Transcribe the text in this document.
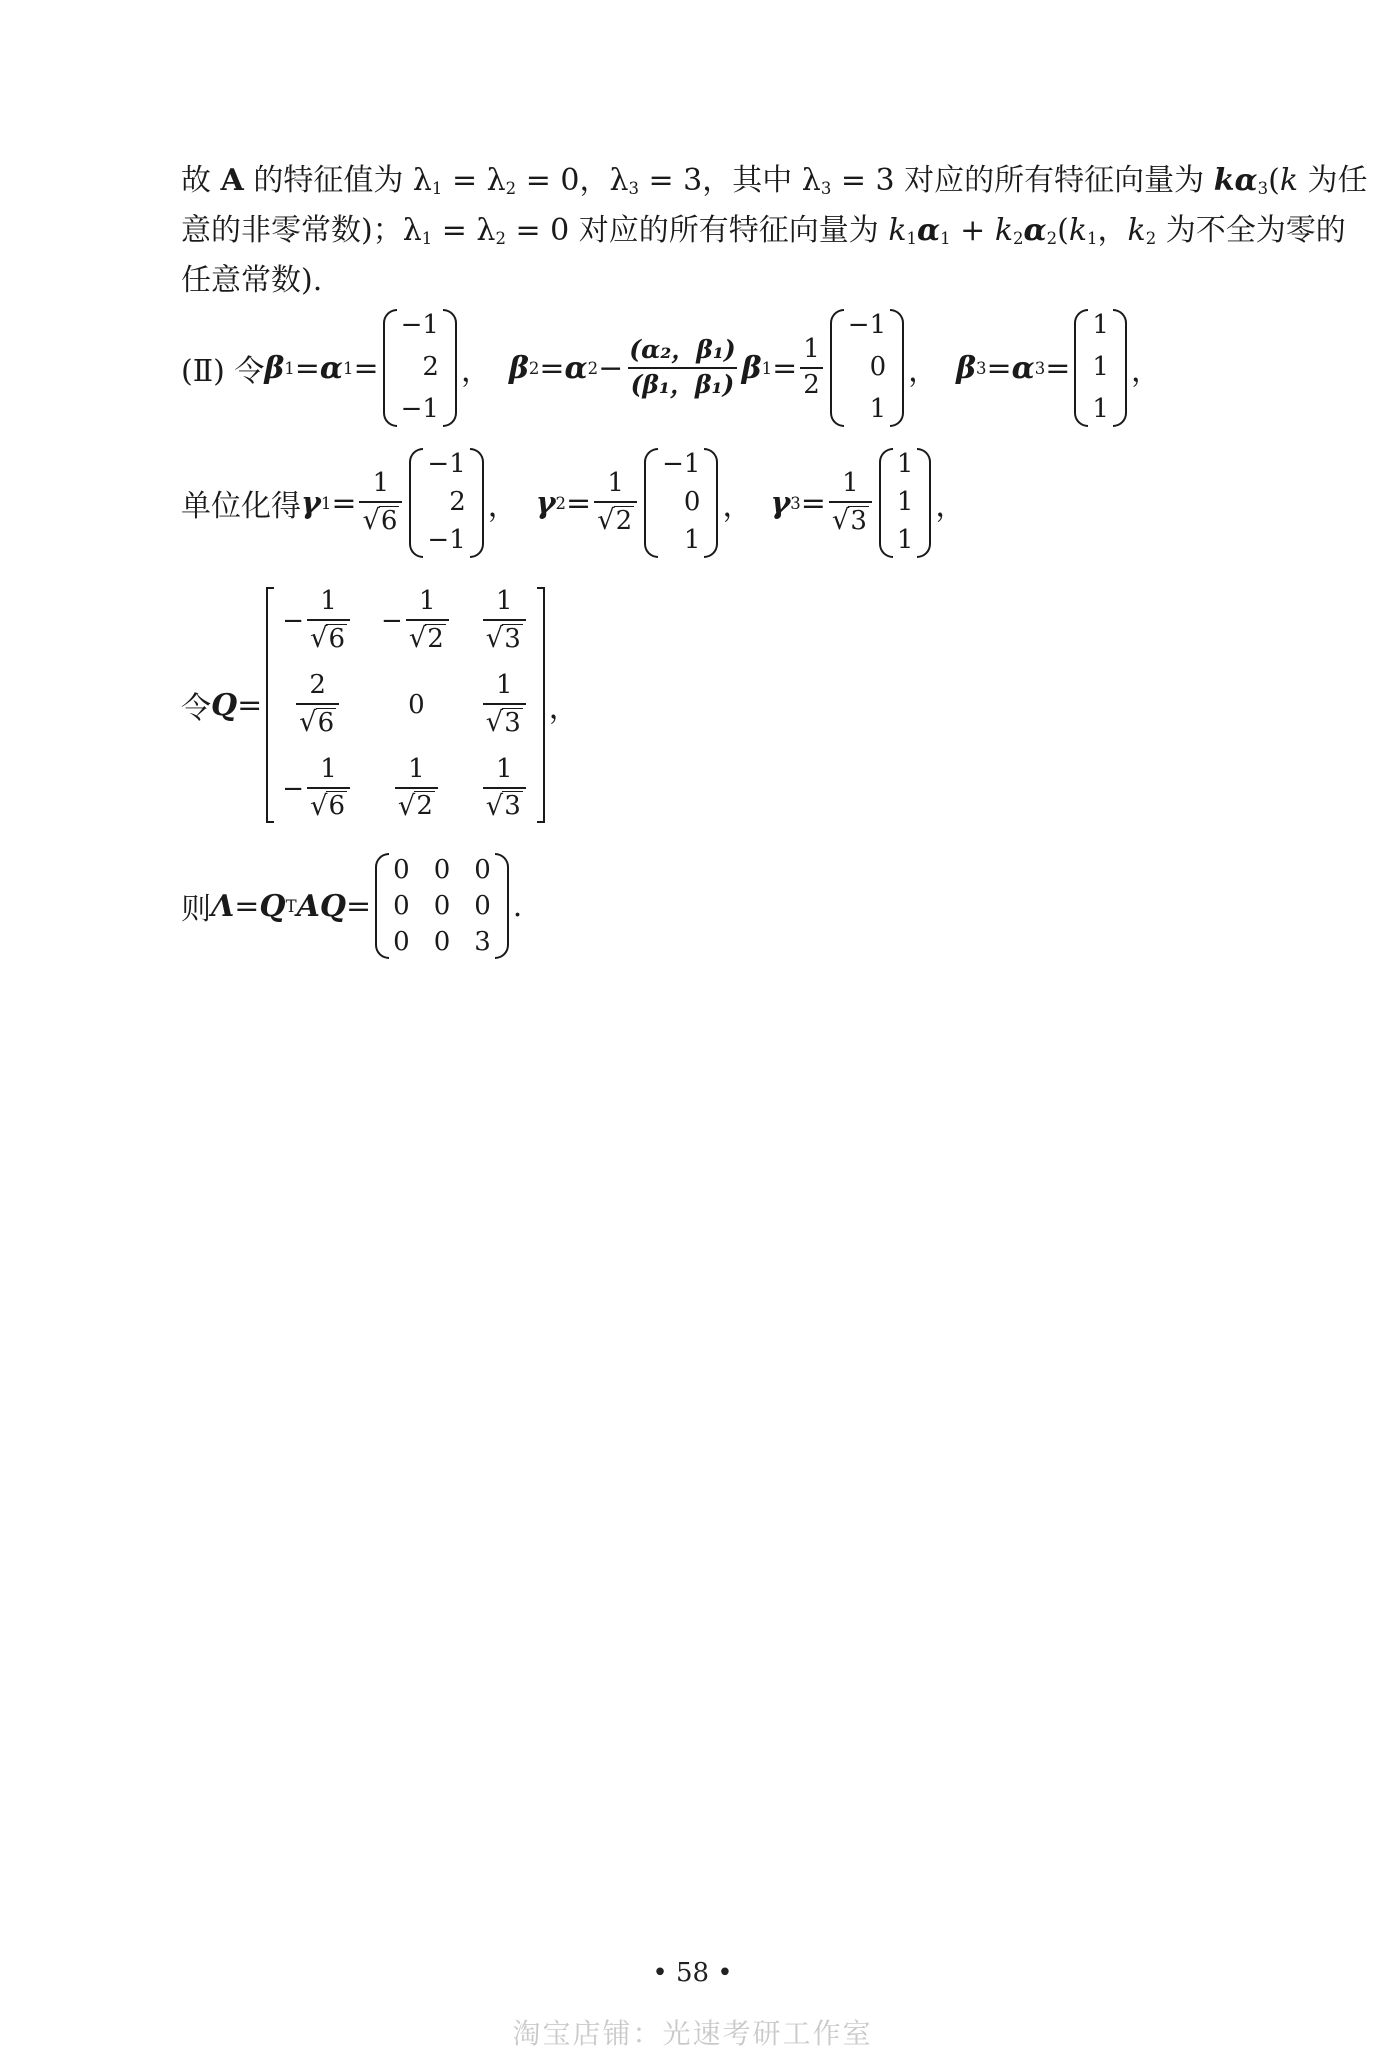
故 A 的特征值为 $\lambda_1 = \lambda_2 = 0$，$\lambda_3 = 3$，其中 $\lambda_3 = 3$ 对应的所有特征向量为 $k\alpha_3(k$ 为任
意的非零常数)；$\lambda_1 = \lambda_2 = 0$ 对应的所有特征向量为 $k_1\alpha_1 + k_2\alpha_2(k_1$，$k_2$ 为不全为零的
任意常数).
(Ⅱ) 令 β 1 = α 1 =
−1
2
−1
， β 2 = α $2 - \frac{\text{(α₂，β₁)}}{\text{(β₁，β₁)}}$ β $1 = \frac{1}{2}$
−1
0
1
， β 3 = α 3 =
1
1
1
，
单位化得 γ $1 = \frac{1}{√ 6}$
−1
2
−1
， γ $2 = \frac{1}{√ 2}$
−1
0
1
， γ $3 = \frac{1}{√ 3}$
1
1
1
，
令 Q =
− $\frac{1}{√ 6} - \frac{1}{√ 2} \frac{1}{√ 3}$
$\frac{2}{√ 6}$	$0 \frac{1}{√ 3}$
− $\frac{1}{√ 6} \frac{1}{√ 2} \frac{1}{√ 3}$
，
则 Λ = Q T AQ =
0 0 0
0 0 0
0 0 3
.
• 58 •
淘宝店铺：光速考研工作室
